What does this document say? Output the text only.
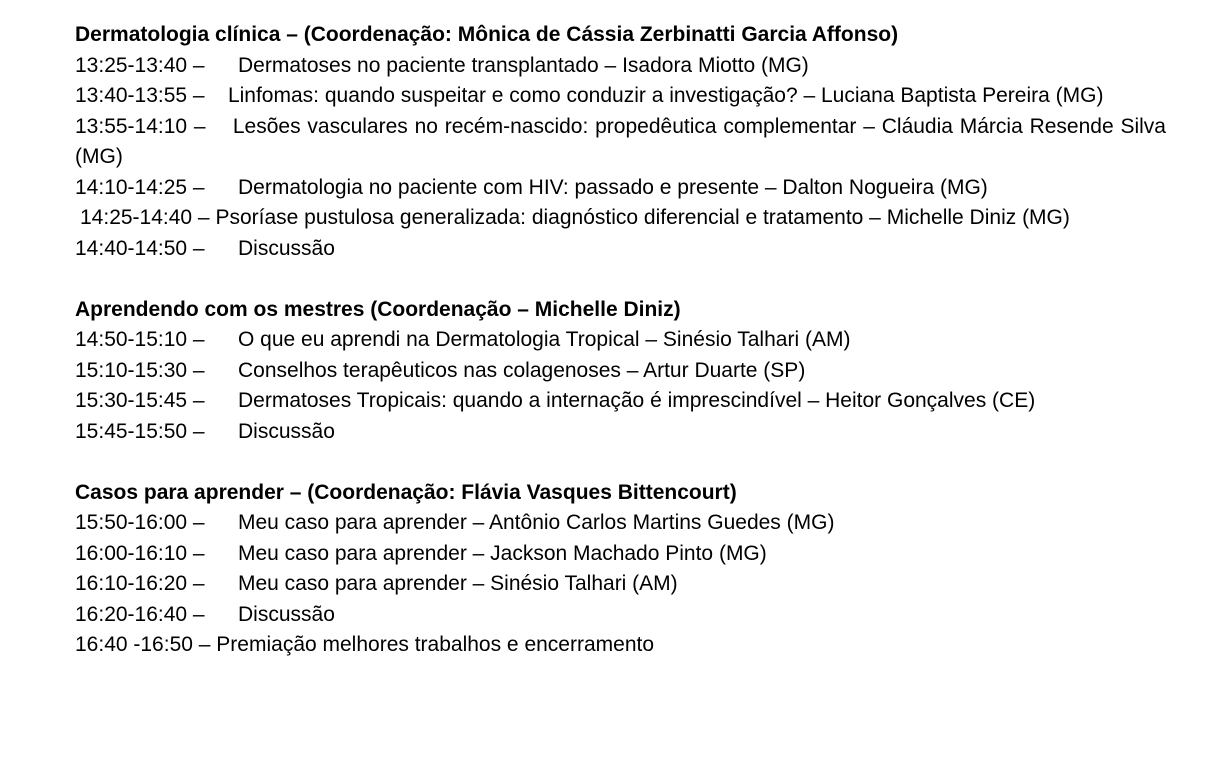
Dermatologia clínica – (Coordenação: Mônica de Cássia Zerbinatti Garcia Affonso)
13:25-13:40 –	Dermatoses no paciente transplantado – Isadora Miotto (MG)
13:40-13:55 – Linfomas: quando suspeitar e como conduzir a investigação? – Luciana Baptista Pereira (MG)
13:55-14:10 – Lesões vasculares no recém-nascido: propedêutica complementar – Cláudia Márcia Resende Silva (MG)
14:10-14:25 –	Dermatologia no paciente com HIV: passado e presente – Dalton Nogueira (MG)
14:25-14:40 – Psoríase pustulosa generalizada: diagnóstico diferencial e tratamento – Michelle Diniz (MG)
14:40-14:50 –	Discussão
Aprendendo com os mestres (Coordenação – Michelle Diniz)
14:50-15:10 –	O que eu aprendi na Dermatologia Tropical – Sinésio Talhari (AM)
15:10-15:30 –	Conselhos terapêuticos nas colagenoses – Artur Duarte (SP)
15:30-15:45 –	Dermatoses Tropicais: quando a internação é imprescindível – Heitor Gonçalves (CE)
15:45-15:50 –	Discussão
Casos para aprender – (Coordenação: Flávia Vasques Bittencourt)
15:50-16:00 –	Meu caso para aprender – Antônio Carlos Martins Guedes (MG)
16:00-16:10 –	Meu caso para aprender – Jackson Machado Pinto (MG)
16:10-16:20 –	Meu caso para aprender – Sinésio Talhari (AM)
16:20-16:40 –	Discussão
16:40 -16:50 – Premiação melhores trabalhos e encerramento
